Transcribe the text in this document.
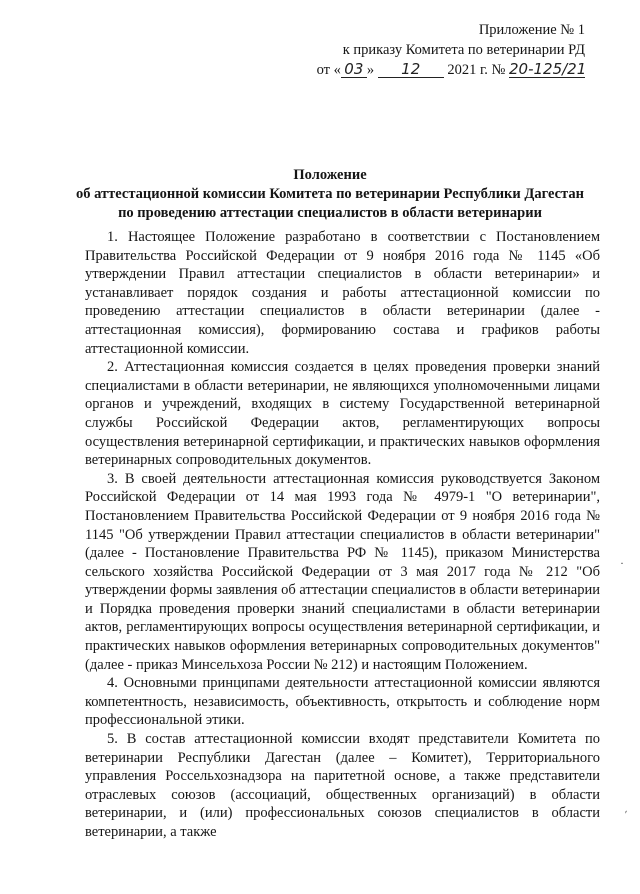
Приложение № 1
к приказу Комитета по ветеринарии РД
от « 03 » 12 2021 г. № 20-125/21
Положение
об аттестационной комиссии Комитета по ветеринарии Республики Дагестан
по проведению аттестации специалистов в области ветеринарии

1. Настоящее Положение разработано в соответствии с Постановлением Правительства Российской Федерации от 9 ноября 2016 года № 1145 «Об утверждении Правил аттестации специалистов в области ветеринарии» и устанавливает порядок создания и работы аттестационной комиссии по проведению аттестации специалистов в области ветеринарии (далее - аттестационная комиссия), формированию состава и графиков работы аттестационной комиссии.

2. Аттестационная комиссия создается в целях проведения проверки знаний специалистами в области ветеринарии, не являющихся уполномоченными лицами органов и учреждений, входящих в систему Государственной ветеринарной службы Российской Федерации актов, регламентирующих вопросы осуществления ветеринарной сертификации, и практических навыков оформления ветеринарных сопроводительных документов.

3. В своей деятельности аттестационная комиссия руководствуется Законом Российской Федерации от 14 мая 1993 года № 4979-1 "О ветеринарии", Постановлением Правительства Российской Федерации от 9 ноября 2016 года № 1145 "Об утверждении Правил аттестации специалистов в области ветеринарии" (далее - Постановление Правительства РФ № 1145), приказом Министерства сельского хозяйства Российской Федерации от 3 мая 2017 года № 212 "Об утверждении формы заявления об аттестации специалистов в области ветеринарии и Порядка проведения проверки знаний специалистами в области ветеринарии актов, регламентирующих вопросы осуществления ветеринарной сертификации, и практических навыков оформления ветеринарных сопроводительных документов" (далее - приказ Минсельхоза России № 212) и настоящим Положением.

4. Основными принципами деятельности аттестационной комиссии являются компетентность, независимость, объективность, открытость и соблюдение норм профессиональной этики.

5. В состав аттестационной комиссии входят представители Комитета по ветеринарии Республики Дагестан (далее – Комитет), Территориального управления Россельхознадзора на паритетной основе, а также представители отраслевых союзов (ассоциаций, общественных организаций) в области ветеринарии, и (или) профессиональных союзов специалистов в области ветеринарии, а также

·
ˊ
